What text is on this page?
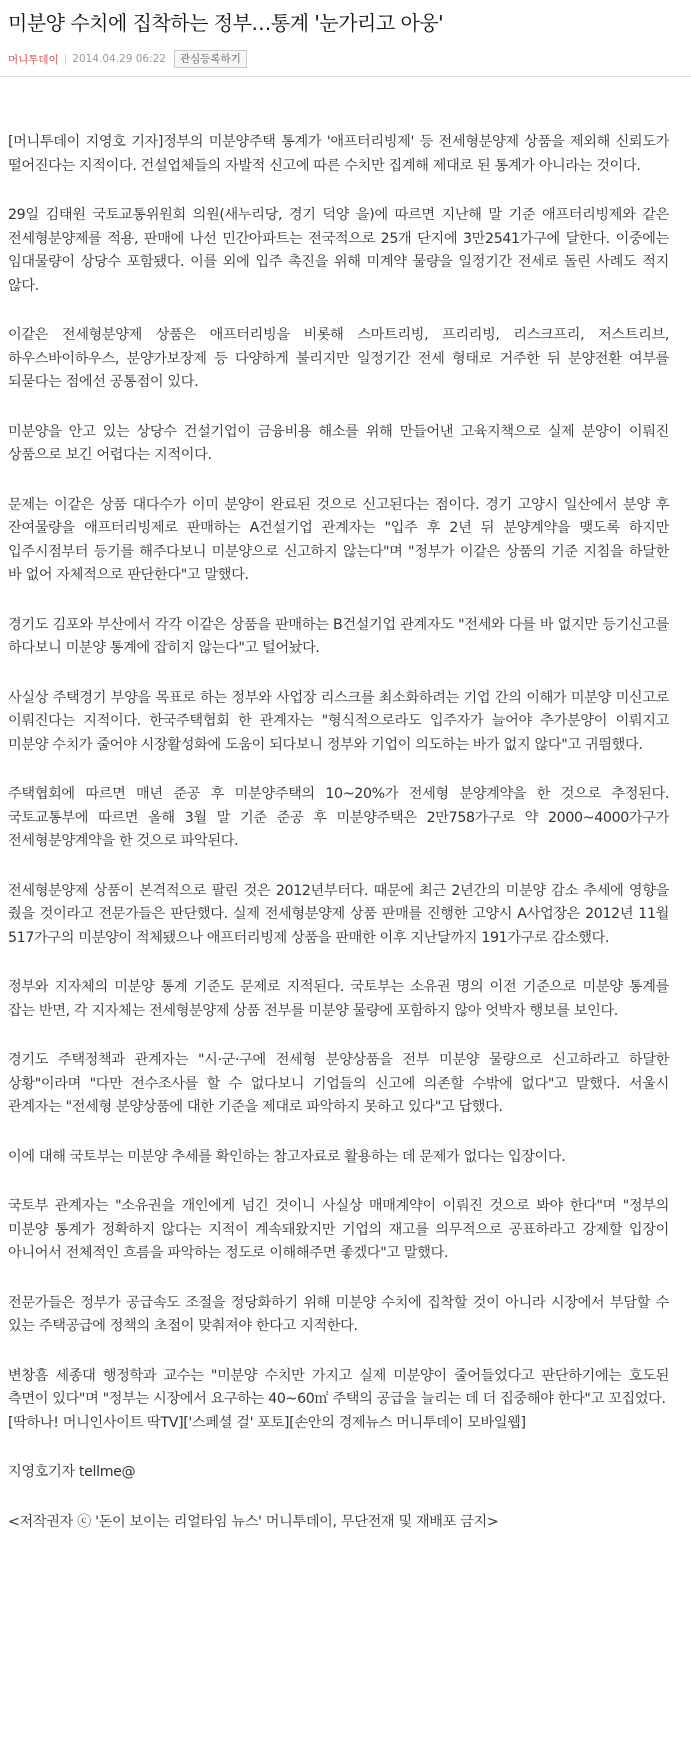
미분양 수치에 집착하는 정부…통계 '눈가리고 아웅'
머니투데이 | 2014.04.29 06:22	관심등록하기

[머니투데이 지영호 기자]정부의 미분양주택 통계가 '애프터리빙제' 등 전세형분양제 상품을 제외해 신뢰도가 떨어진다는 지적이다. 건설업체들의 자발적 신고에 따른 수치만 집계해 제대로 된 통계가 아니라는 것이다.

29일 김태원 국토교통위원회 의원(새누리당, 경기 덕양 을)에 따르면 지난해 말 기준 애프터리빙제와 같은 전세형분양제를 적용, 판매에 나선 민간아파트는 전국적으로 25개 단지에 3만2541가구에 달한다. 이중에는 임대물량이 상당수 포함됐다. 이를 외에 입주 촉진을 위해 미계약 물량을 일정기간 전세로 돌린 사례도 적지 않다.

이같은 전세형분양제 상품은 애프터리빙을 비롯해 스마트리빙, 프리리빙, 리스크프리, 저스트리브, 하우스바이하우스, 분양가보장제 등 다양하게 불리지만 일정기간 전세 형태로 거주한 뒤 분양전환 여부를 되묻다는 점에선 공통점이 있다.

미분양을 안고 있는 상당수 건설기업이 금융비용 해소를 위해 만들어낸 고육지책으로 실제 분양이 이뤄진 상품으로 보긴 어렵다는 지적이다.

문제는 이같은 상품 대다수가 이미 분양이 완료된 것으로 신고된다는 점이다. 경기 고양시 일산에서 분양 후 잔여물량을 애프터리빙제로 판매하는 A건설기업 관계자는 "입주 후 2년 뒤 분양계약을 맺도록 하지만 입주시점부터 등기를 해주다보니 미분양으로 신고하지 않는다"며 "정부가 이같은 상품의 기준 지침을 하달한 바 없어 자체적으로 판단한다"고 말했다.

경기도 김포와 부산에서 각각 이같은 상품을 판매하는 B건설기업 관계자도 "전세와 다를 바 없지만 등기신고를 하다보니 미분양 통계에 잡히지 않는다"고 털어놨다.

사실상 주택경기 부양을 목표로 하는 정부와 사업장 리스크를 최소화하려는 기업 간의 이해가 미분양 미신고로 이뤄진다는 지적이다. 한국주택협회 한 관계자는 "형식적으로라도 입주자가 늘어야 추가분양이 이뤄지고 미분양 수치가 줄어야 시장활성화에 도움이 되다보니 정부와 기업이 의도하는 바가 없지 않다"고 귀띔했다.

주택협회에 따르면 매년 준공 후 미분양주택의 10~20%가 전세형 분양계약을 한 것으로 추정된다. 국토교통부에 따르면 올해 3월 말 기준 준공 후 미분양주택은 2만758가구로 약 2000~4000가구가 전세형분양계약을 한 것으로 파악된다.

전세형분양제 상품이 본격적으로 팔린 것은 2012년부터다. 때문에 최근 2년간의 미분양 감소 추세에 영향을 줬을 것이라고 전문가들은 판단했다. 실제 전세형분양제 상품 판매를 진행한 고양시 A사업장은 2012년 11월 517가구의 미분양이 적체됐으나 애프터리빙제 상품을 판매한 이후 지난달까지 191가구로 감소했다.

정부와 지자체의 미분양 통계 기준도 문제로 지적된다. 국토부는 소유권 명의 이전 기준으로 미분양 통계를 잡는 반면, 각 지자체는 전세형분양제 상품 전부를 미분양 물량에 포함하지 않아 엇박자 행보를 보인다.

경기도 주택정책과 관계자는 "시·군·구에 전세형 분양상품을 전부 미분양 물량으로 신고하라고 하달한 상황"이라며 "다만 전수조사를 할 수 없다보니 기업들의 신고에 의존할 수밖에 없다"고 말했다. 서울시 관계자는 "전세형 분양상품에 대한 기준을 제대로 파악하지 못하고 있다"고 답했다.

이에 대해 국토부는 미분양 추세를 확인하는 참고자료로 활용하는 데 문제가 없다는 입장이다.

국토부 관계자는 "소유권을 개인에게 넘긴 것이니 사실상 매매계약이 이뤄진 것으로 봐야 한다"며 "정부의 미분양 통계가 정확하지 않다는 지적이 계속돼왔지만 기업의 재고를 의무적으로 공표하라고 강제할 입장이 아니어서 전체적인 흐름을 파악하는 정도로 이해해주면 좋겠다"고 말했다.

전문가들은 정부가 공급속도 조절을 정당화하기 위해 미분양 수치에 집착할 것이 아니라 시장에서 부담할 수 있는 주택공급에 정책의 초점이 맞춰져야 한다고 지적한다.

변창흠 세종대 행정학과 교수는 "미분양 수치만 가지고 실제 미분양이 줄어들었다고 판단하기에는 호도된 측면이 있다"며 "정부는 시장에서 요구하는 40~60㎡ 주택의 공급을 늘리는 데 더 집중해야 한다"고 꼬집었다.

[딱하나! 머니인사이트 딱TV]['스페셜 걸' 포토][손안의 경제뉴스 머니투데이 모바일웹]

지영호기자 tellme@

<저작권자 ⓒ '돈이 보이는 리얼타임 뉴스' 머니투데이, 무단전재 및 재배포 금지>
